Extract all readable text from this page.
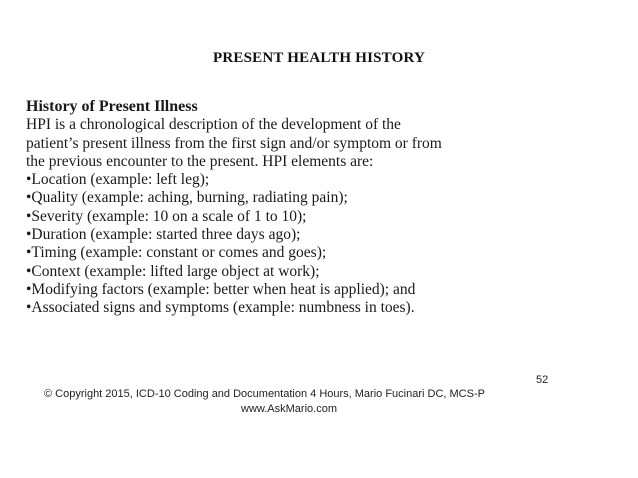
PRESENT HEALTH HISTORY
History of Present Illness
HPI is a chronological description of the development of the
patient’s present illness from the first sign and/or symptom or from
the previous encounter to the present. HPI elements are:
•Location (example: left leg);
•Quality (example: aching, burning, radiating pain);
•Severity (example: 10 on a scale of 1 to 10);
•Duration (example: started three days ago);
•Timing (example: constant or comes and goes);
•Context (example: lifted large object at work);
•Modifying factors (example: better when heat is applied); and
•Associated signs and symptoms (example: numbness in toes).
52
© Copyright 2015, ICD-10 Coding and Documentation 4 Hours, Mario Fucinari DC, MCS-P
www.AskMario.com
